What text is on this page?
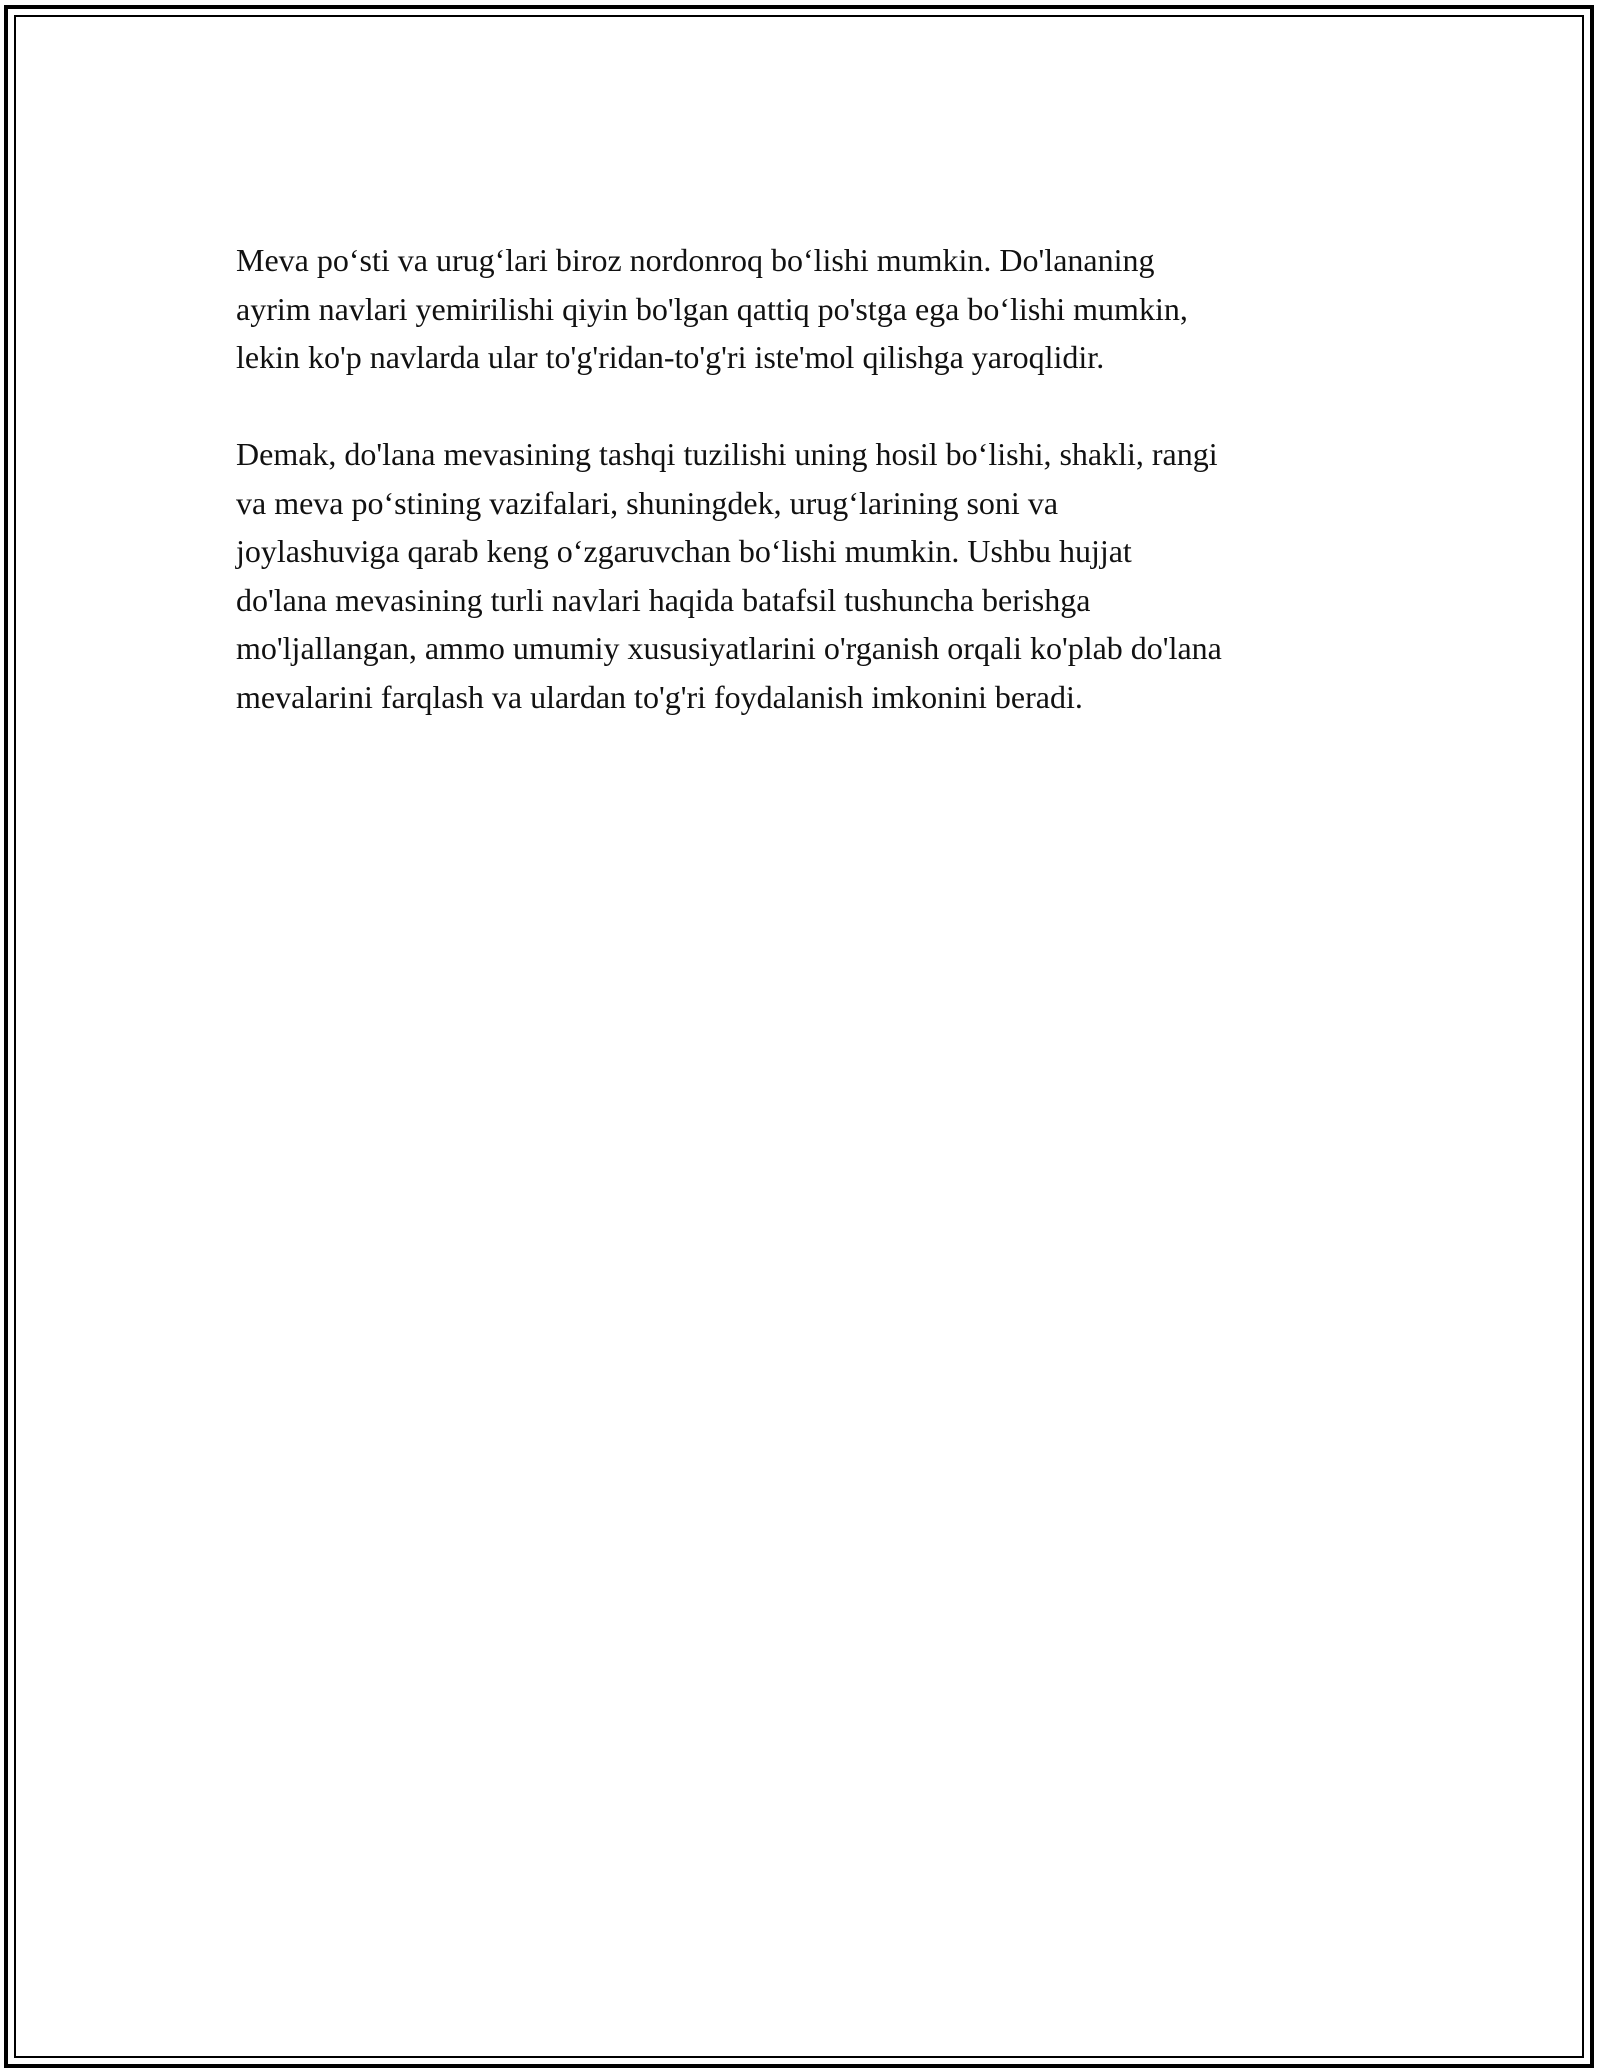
Meva po‘sti va urug‘lari biroz nordonroq bo‘lishi mumkin. Do'lananing
ayrim navlari yemirilishi qiyin bo'lgan qattiq po'stga ega bo‘lishi mumkin,
lekin ko'p navlarda ular to'g'ridan-to'g'ri iste'mol qilishga yaroqlidir.

Demak, do'lana mevasining tashqi tuzilishi uning hosil bo‘lishi, shakli, rangi
va meva po‘stining vazifalari, shuningdek, urug‘larining soni va
joylashuviga qarab keng o‘zgaruvchan bo‘lishi mumkin. Ushbu hujjat
do'lana mevasining turli navlari haqida batafsil tushuncha berishga
mo'ljallangan, ammo umumiy xususiyatlarini o'rganish orqali ko'plab do'lana
mevalarini farqlash va ulardan to'g'ri foydalanish imkonini beradi.
